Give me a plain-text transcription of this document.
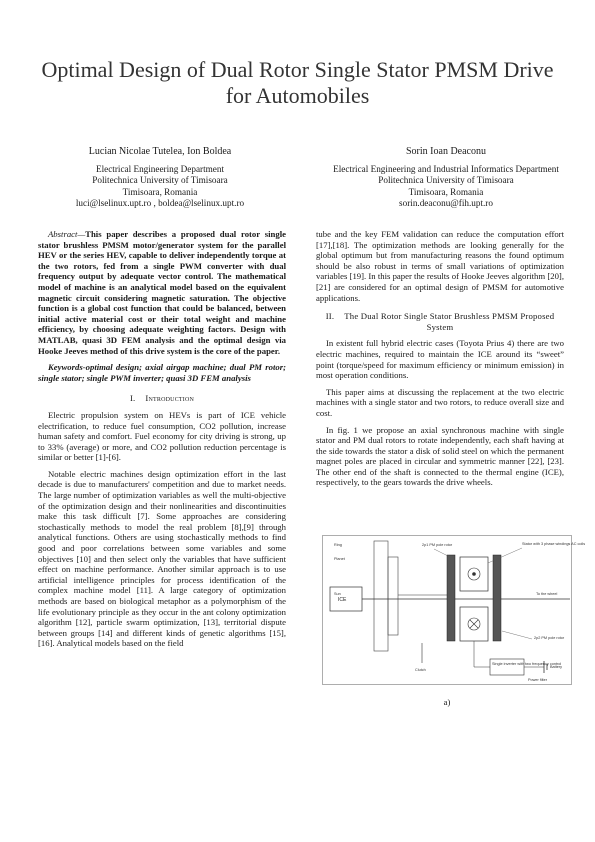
Optimal Design of Dual Rotor Single Stator PMSM Drive for Automobiles
Lucian Nicolae Tutelea, Ion Boldea
Electrical Engineering Department
Politechnica University of Timisoara
Timisoara, Romania
luci@lselinux.upt.ro , boldea@lselinux.upt.ro
Sorin Ioan Deaconu
Electrical Engineering and Industrial Informatics Department
Politechnica University of Timisoara
Timisoara, Romania
sorin.deaconu@fih.upt.ro
Abstract—This paper describes a proposed dual rotor single stator brushless PMSM motor/generator system for the parallel HEV or the series HEV, capable to deliver independently torque at the two rotors, fed from a single PWM converter with dual frequency output by adequate vector control. The mathematical model of machine is an analytical model based on the equivalent magnetic circuit considering magnetic saturation. The objective function is a global cost function that could be balanced, between initial active material cost or their total weight and machine efficiency, by choosing adequate weighting factors. Design with MATLAB, quasi 3D FEM analysis and the optimal design via Hooke Jeeves method of this drive system is the core of the paper.
Keywords-optimal design; axial airgap machine; dual PM rotor; single stator; single PWM inverter; quasi 3D FEM analysis
I. Introduction

Electric propulsion system on HEVs is part of ICE vehicle electrification, to reduce fuel consumption, CO2 pollution, increase human safety and comfort. Fuel economy for city driving is strong, up to 33% (average) or more, and CO2 pollution reduction percentage is similar or better [1]-[6].

Notable electric machines design optimization effort in the last decade is due to manufacturers' competition and due to market needs. The large number of optimization variables as well the multi-objective of the optimization design and their nonlinearities and discontinuities make this task difficult [7]. Some approaches are considering stochastically methods to model the real problem [8],[9] through analytical functions. Others are using stochastically methods to find good and poor correlations between some variables and some objectives [10] and then select only the variables that have sufficient effect on machine performance. Another similar approach is to use artificial intelligence principles for process identification of the complex machine model [11]. A large category of optimization methods are based on biological metaphor as a polymorphism of the life evolutionary principle as they occur in the ant colony optimization algorithm [12], particle swarm optimization, [13], territorial dispute between groups [14] and different kinds of genetic algorithms [15],[16]. Analytical models based on the field

tube and the key FEM validation can reduce the computation effort [17],[18]. The optimization methods are looking generally for the global optimum but from manufacturing reasons the found optimum should be also robust in terms of small variations of optimization variables [19]. In this paper the results of Hooke Jeeves algorithm [20], [21] are considered for an optimal design of PMSM for automotive applications.

II. The Dual Rotor Single Stator Brushless PMSM Proposed System

In existent full hybrid electric cases (Toyota Prius 4) there are two electric machines, required to maintain the ICE around its “sweet” point (torque/speed for maximum efficiency or minimum emission) in most operation conditions.

This paper aims at discussing the replacement at the two electric machines with a single stator and two rotors, to reduce overall size and cost.

In fig. 1 we propose an axial synchronous machine with single stator and PM dual rotors to rotate independently, each shaft having at the side towards the stator a disk of solid steel on which the permanent magnet poles are placed in circular and symmetric manner [22], [23]. The other end of the shaft is connected to the thermal engine (ICE), respectively, to the gears towards the drive wheels.

Ring
Planet
Sun
ICE
2p1 PM pole rotor	Stator with 3 phase windings AC coils
To the wheel
2p2 PM pole rotor
Clutch
Single inverter with two frequency control
Battery
Power filter
a)
